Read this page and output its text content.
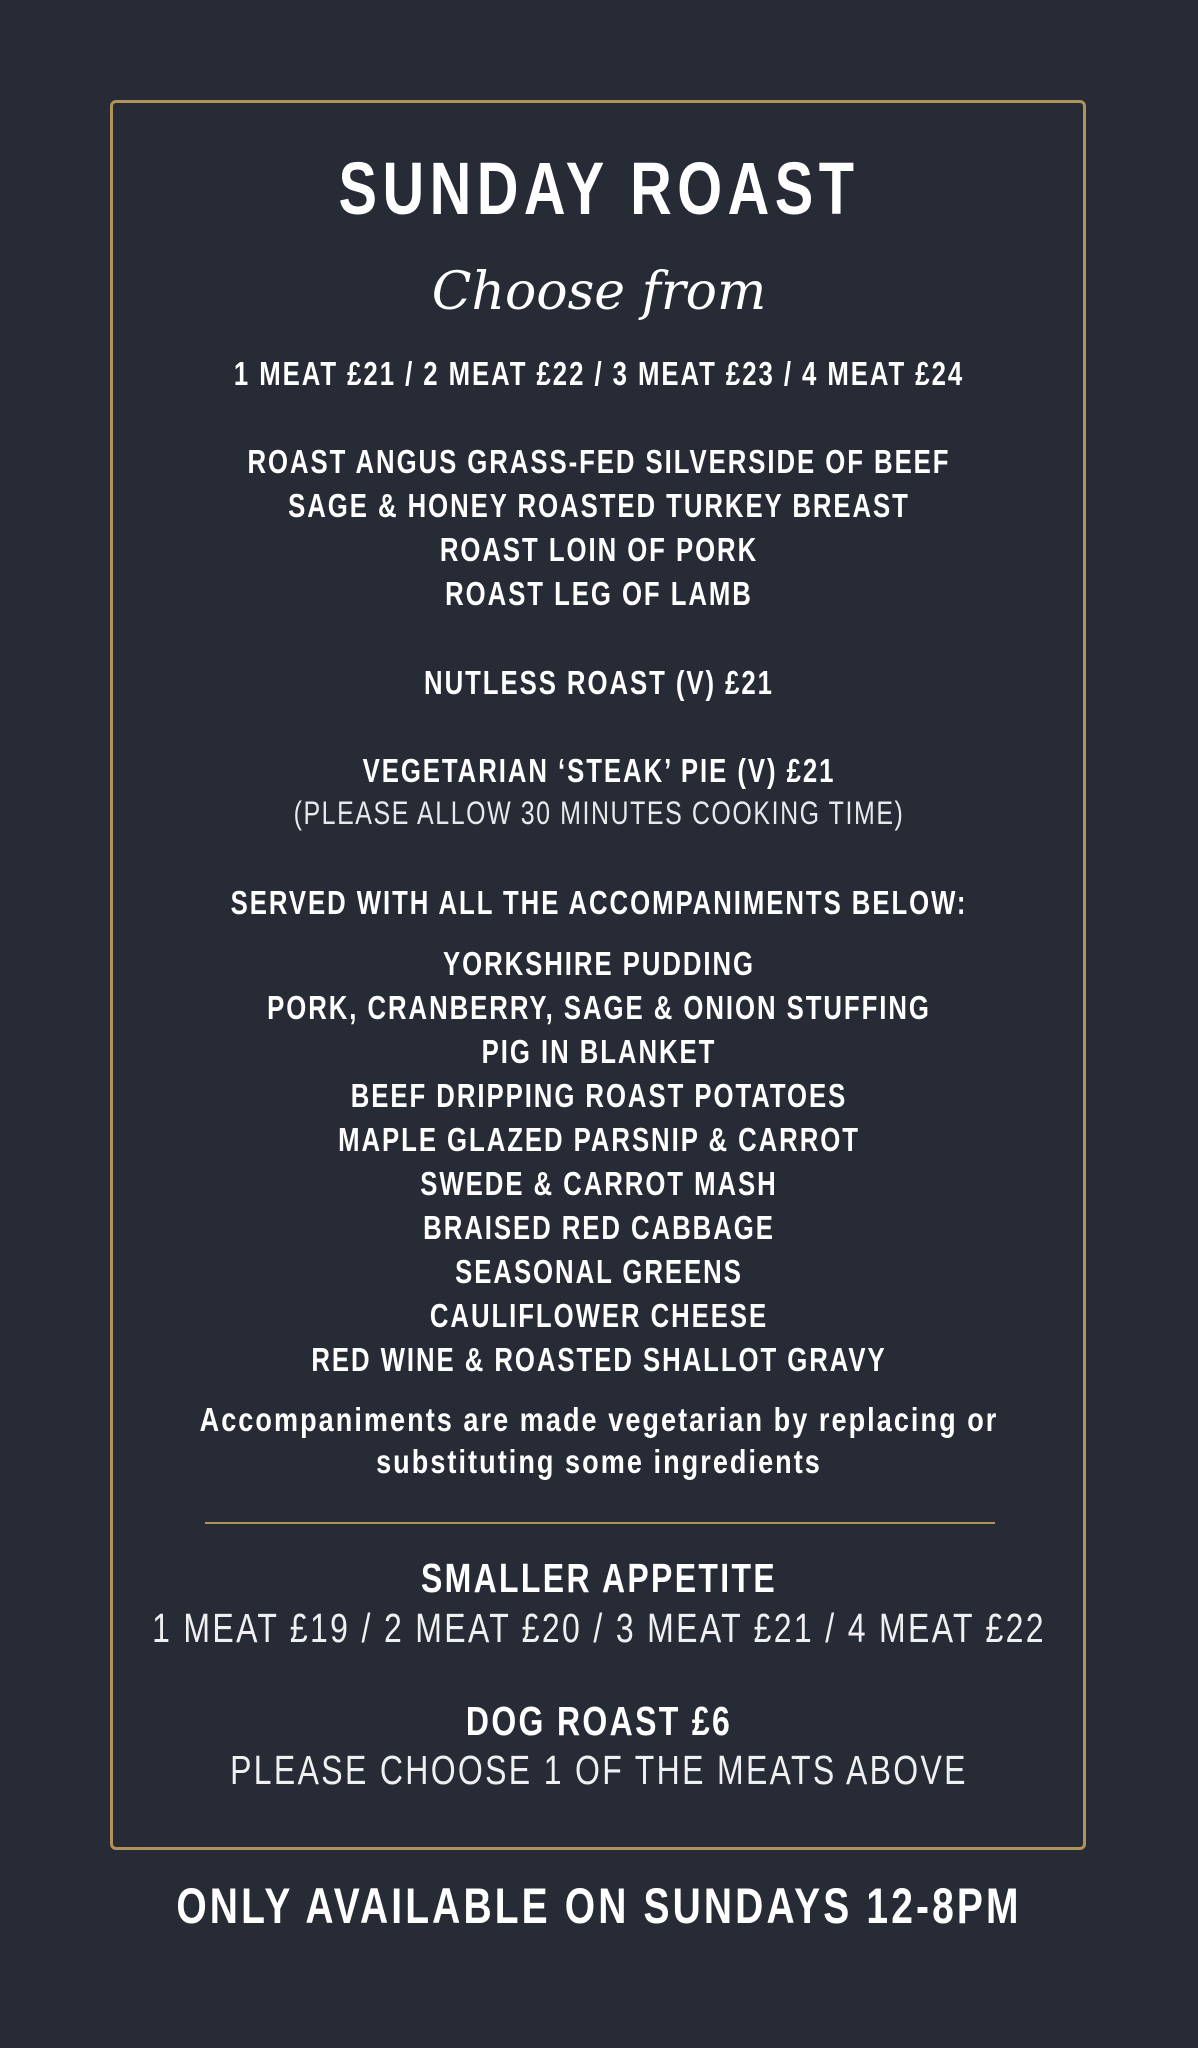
SUNDAY ROAST
Choose from
1 MEAT £21 / 2 MEAT £22 / 3 MEAT £23 / 4 MEAT £24
ROAST ANGUS GRASS-FED SILVERSIDE OF BEEF
SAGE & HONEY ROASTED TURKEY BREAST
ROAST LOIN OF PORK
ROAST LEG OF LAMB
NUTLESS ROAST (V) £21
VEGETARIAN ‘STEAK’ PIE (V) £21
(PLEASE ALLOW 30 MINUTES COOKING TIME)
SERVED WITH ALL THE ACCOMPANIMENTS BELOW:
YORKSHIRE PUDDING
PORK, CRANBERRY, SAGE & ONION STUFFING
PIG IN BLANKET
BEEF DRIPPING ROAST POTATOES
MAPLE GLAZED PARSNIP & CARROT
SWEDE & CARROT MASH
BRAISED RED CABBAGE
SEASONAL GREENS
CAULIFLOWER CHEESE
RED WINE & ROASTED SHALLOT GRAVY
Accompaniments are made vegetarian by replacing or
substituting some ingredients
SMALLER APPETITE
1 MEAT £19 / 2 MEAT £20 / 3 MEAT £21 / 4 MEAT £22
DOG ROAST £6
PLEASE CHOOSE 1 OF THE MEATS ABOVE
ONLY AVAILABLE ON SUNDAYS 12-8PM
